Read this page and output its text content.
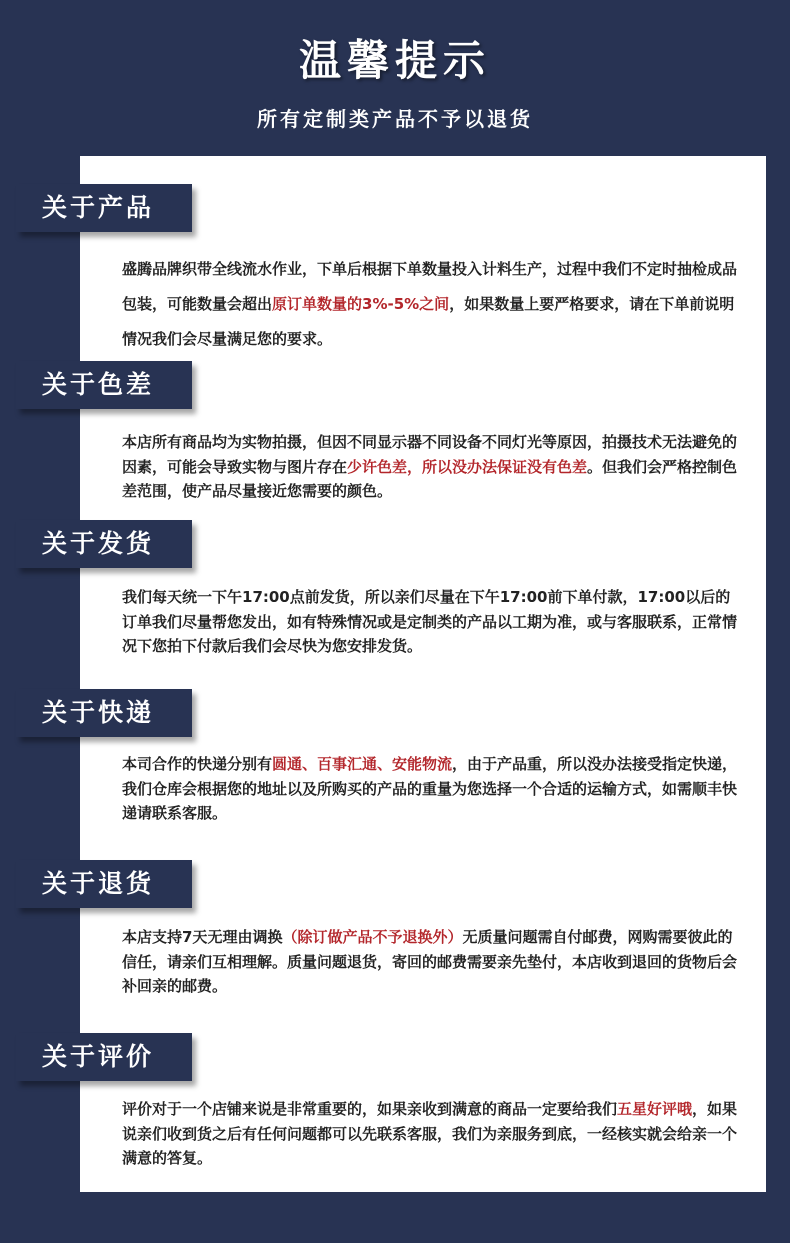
温馨提示
所有定制类产品不予以退货
关于产品
盛腾品牌织带全线流水作业，下单后根据下单数量投入计料生产，过程中我们不定时抽检成品包装，可能数量会超出原订单数量的3%-5%之间，如果数量上要严格要求，请在下单前说明情况我们会尽量满足您的要求。
关于色差
本店所有商品均为实物拍摄，但因不同显示器不同设备不同灯光等原因，拍摄技术无法避免的因素，可能会导致实物与图片存在少许色差，所以没办法保证没有色差。但我们会严格控制色差范围，使产品尽量接近您需要的颜色。
关于发货
我们每天统一下午17:00点前发货，所以亲们尽量在下午17:00前下单付款，17:00以后的订单我们尽量帮您发出，如有特殊情况或是定制类的产品以工期为准，或与客服联系，正常情况下您拍下付款后我们会尽快为您安排发货。
关于快递
本司合作的快递分别有圆通、百事汇通、安能物流，由于产品重，所以没办法接受指定快递，我们仓库会根据您的地址以及所购买的产品的重量为您选择一个合适的运输方式，如需顺丰快递请联系客服。
关于退货
本店支持7天无理由调换（除订做产品不予退换外）无质量问题需自付邮费，网购需要彼此的信任，请亲们互相理解。质量问题退货，寄回的邮费需要亲先垫付，本店收到退回的货物后会补回亲的邮费。
关于评价
评价对于一个店铺来说是非常重要的，如果亲收到满意的商品一定要给我们五星好评哦，如果说亲们收到货之后有任何问题都可以先联系客服，我们为亲服务到底，一经核实就会给亲一个满意的答复。
